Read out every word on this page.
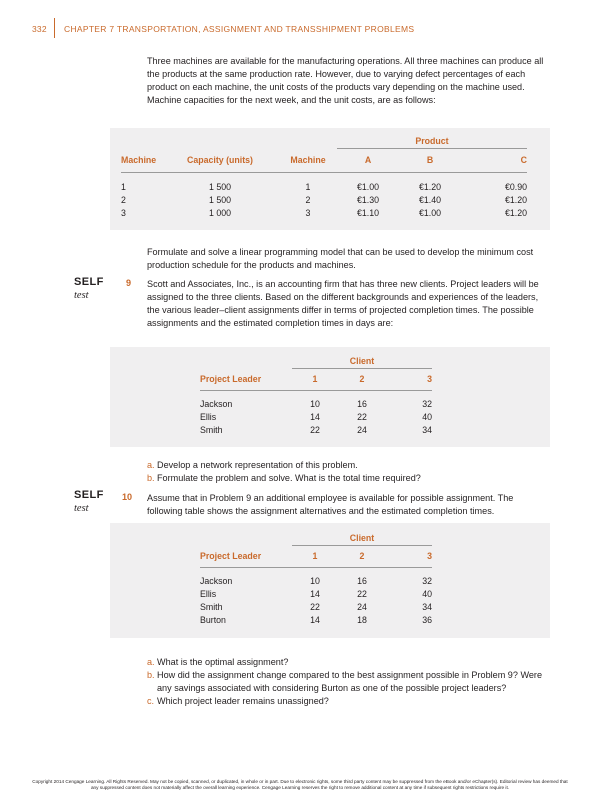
332 CHAPTER 7 TRANSPORTATION, ASSIGNMENT AND TRANSSHIPMENT PROBLEMS
Three machines are available for the manufacturing operations. All three machines can produce all the products at the same production rate. However, due to varying defect percentages of each product on each machine, the unit costs of the products vary depending on the machine used. Machine capacities for the next week, and the unit costs, are as follows:
			Product		
Machine	Capacity (units)	Machine	A	B	C

1	1 500	1	€1.00	€1.20	€0.90
2	1 500	2	€1.30	€1.40	€1.20
3	1 000	3	€1.10	€1.00	€1.20
Formulate and solve a linear programming model that can be used to develop the minimum cost production schedule for the products and machines.
SELF
test
9 Scott and Associates, Inc., is an accounting firm that has three new clients. Project leaders will be assigned to the three clients. Based on the different backgrounds and experiences of the leaders, the various leader–client assignments differ in terms of projected completion times. The possible assignments and the estimated completion times in days are:
	Client		
Project Leader	1	2	3

Jackson	10	16	32
Ellis	14	22	40
Smith	22	24	34
a. Develop a network representation of this problem.
b. Formulate the problem and solve. What is the total time required?
SELF
test
10 Assume that in Problem 9 an additional employee is available for possible assignment. The following table shows the assignment alternatives and the estimated completion times.
	Client		
Project Leader	1	2	3

Jackson	10	16	32
Ellis	14	22	40
Smith	22	24	34
Burton	14	18	36
a. What is the optimal assignment?
b. How did the assignment change compared to the best assignment possible in Problem 9? Were any savings associated with considering Burton as one of the possible project leaders?
c. Which project leader remains unassigned?
Copyright 2014 Cengage Learning. All Rights Reserved. May not be copied, scanned, or duplicated, in whole or in part. Due to electronic rights, some third party content may be suppressed from the eBook and/or eChapter(s). Editorial review has deemed that any suppressed content does not materially affect the overall learning experience. Cengage Learning reserves the right to remove additional content at any time if subsequent rights restrictions require it.
